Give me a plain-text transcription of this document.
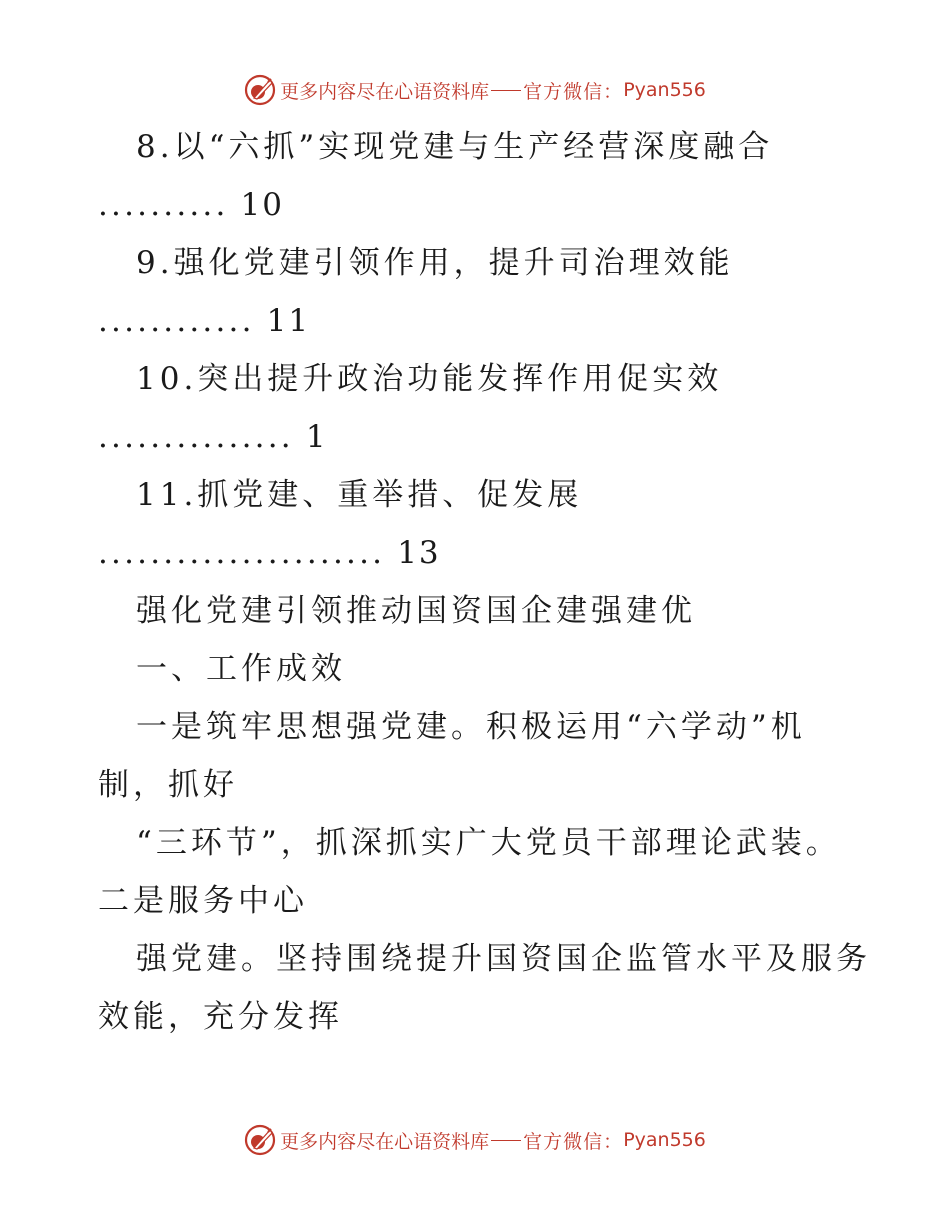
更多内容尽在心语资料库 官方微信： Pyan556
8.以“六抓”实现党建与生产经营深度融合
.......... 10
9.强化党建引领作用，提升司治理效能
............ 11
10.突出提升政治功能发挥作用促实效
............... 1
11.抓党建、重举措、促发展
...................... 13
强化党建引领推动国资国企建强建优
一、工作成效
一是筑牢思想强党建。积极运用“六学动”机
制，抓好
“三环节”，抓深抓实广大党员干部理论武装。
二是服务中心
强党建。坚持围绕提升国资国企监管水平及服务
效能，充分发挥
更多内容尽在心语资料库 官方微信： Pyan556
